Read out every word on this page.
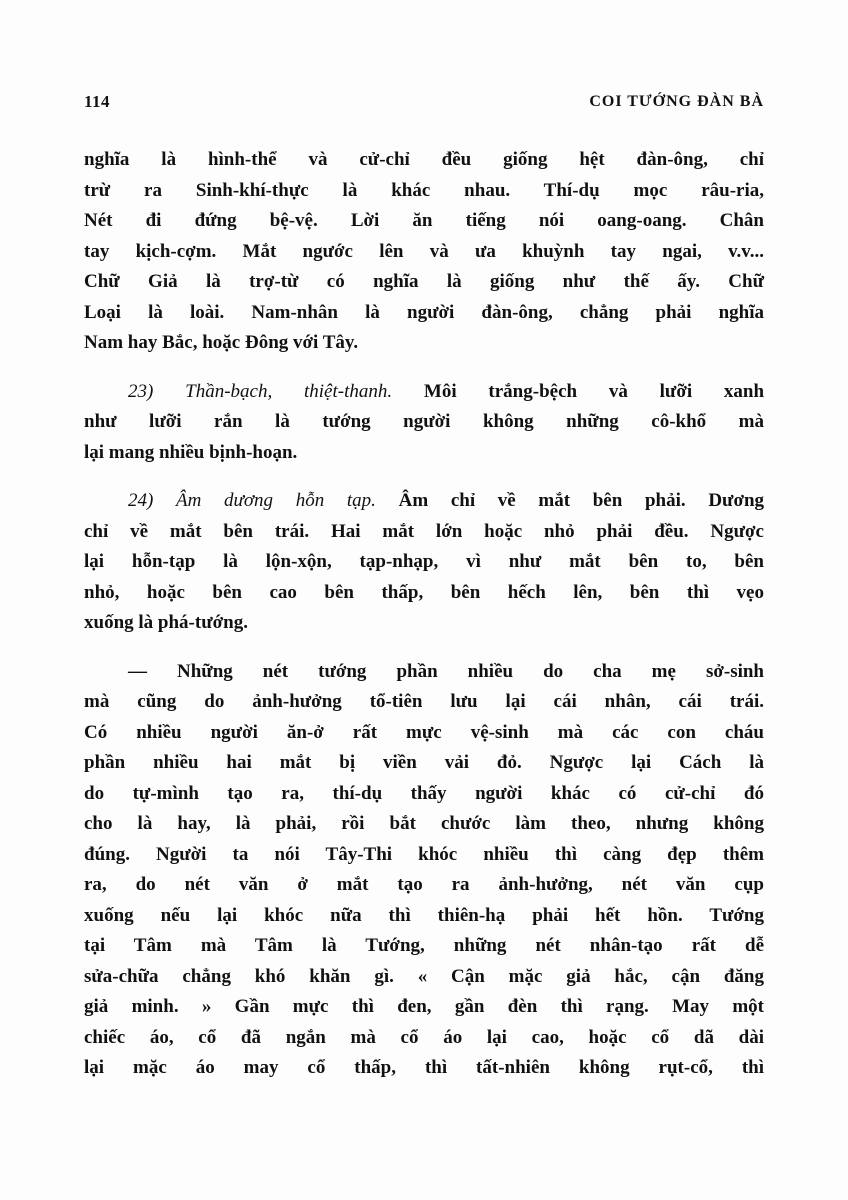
114	COI TƯỚNG ĐÀN BÀ

nghĩa là hình-thể và cử-chỉ đều giống hệt đàn-ông, chỉ
trừ ra Sinh-khí-thực là khác nhau. Thí-dụ mọc râu-ria,
Nét đi đứng bệ-vệ. Lời ăn tiếng nói oang-oang. Chân
tay kịch-cợm. Mắt ngước lên và ưa khuỳnh tay ngai, v.v...
Chữ Giả là trợ-từ có nghĩa là giống như thế ấy. Chữ
Loại là loài. Nam-nhân là người đàn-ông, chẳng phải nghĩa
Nam hay Bắc, hoặc Đông với Tây.

23) Thần-bạch, thiệt-thanh. Môi trắng-bệch và lưỡi xanh
như lưỡi rắn là tướng người không những cô-khổ mà
lại mang nhiều bịnh-hoạn.

24) Âm dương hỗn tạp. Âm chỉ về mắt bên phải. Dương
chỉ về mắt bên trái. Hai mắt lớn hoặc nhỏ phải đều. Ngược
lại hỗn-tạp là lộn-xộn, tạp-nhạp, vì như mắt bên to, bên
nhỏ, hoặc bên cao bên thấp, bên hếch lên, bên thì vẹo
xuống là phá-tướng.

— Những nét tướng phần nhiều do cha mẹ sở-sinh
mà cũng do ảnh-hưởng tổ-tiên lưu lại cái nhân, cái trái.
Có nhiều người ăn-ở rất mực vệ-sinh mà các con cháu
phần nhiều hai mắt bị viền vải đỏ. Ngược lại Cách là
do tự-mình tạo ra, thí-dụ thấy người khác có cử-chỉ đó
cho là hay, là phải, rồi bắt chước làm theo, nhưng không
đúng. Người ta nói Tây-Thi khóc nhiều thì càng đẹp thêm
ra, do nét văn ở mắt tạo ra ảnh-hưởng, nét văn cụp
xuống nếu lại khóc nữa thì thiên-hạ phải hết hồn. Tướng
tại Tâm mà Tâm là Tướng, những nét nhân-tạo rất dễ
sửa-chữa chẳng khó khăn gì. « Cận mặc giả hắc, cận đăng
giả minh. » Gần mực thì đen, gần đèn thì rạng. May một
chiếc áo, cổ đã ngắn mà cổ áo lại cao, hoặc cổ dã dài
lại mặc áo may cổ thấp, thì tất-nhiên không rụt-cổ, thì
